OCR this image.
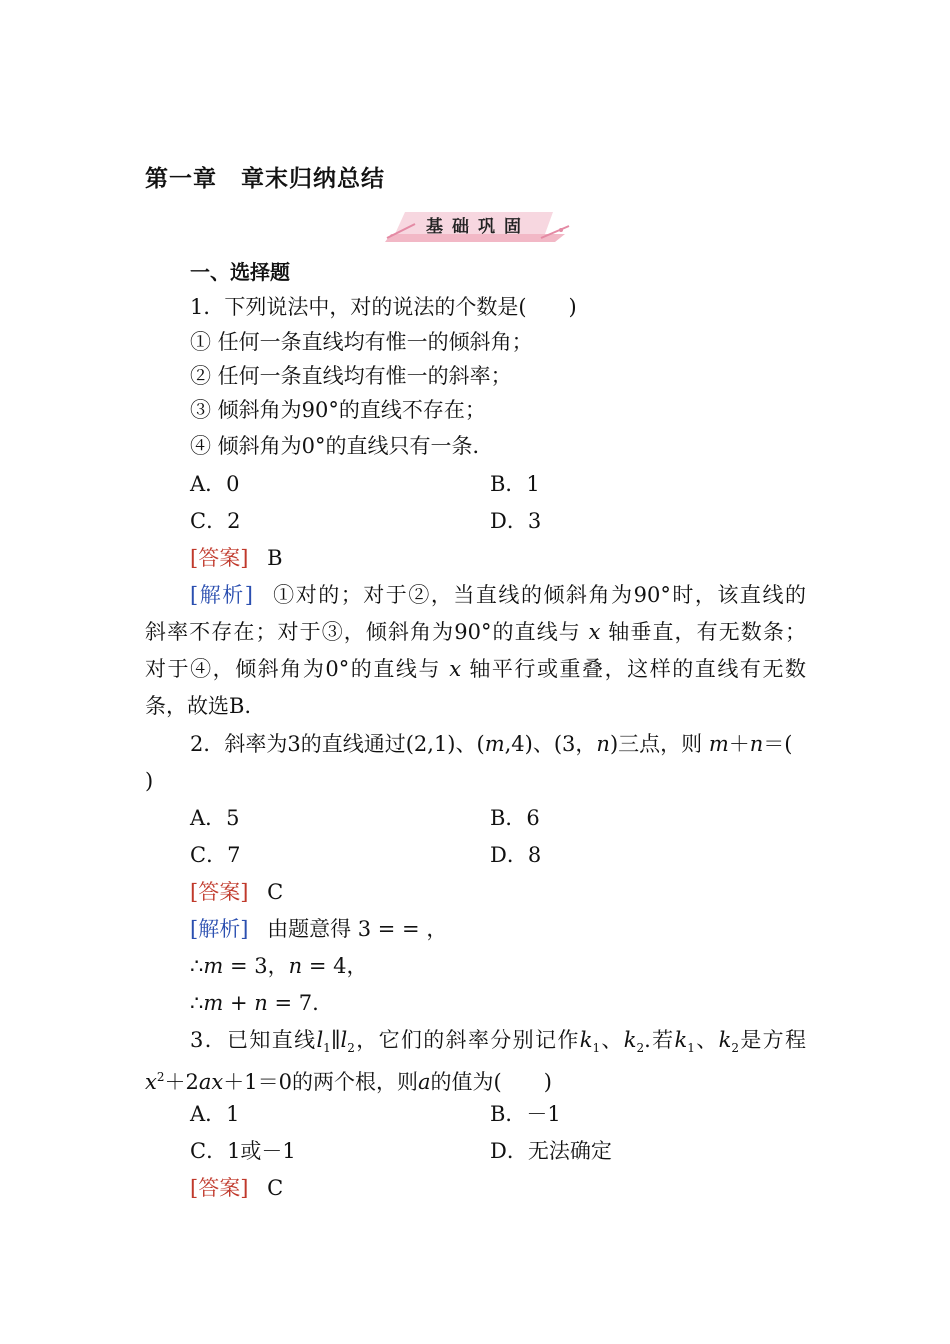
第一章　章末归纳总结
基础巩固
一、选择题
1．下列说法中，对的说法的个数是(　　)
① 任何一条直线均有惟一的倾斜角；
② 任何一条直线均有惟一的斜率；
③ 倾斜角为90°的直线不存在；
④ 倾斜角为0°的直线只有一条．
A．0	B．1
C．2	D．3
[答案] B
[解析] ①对的；对于②，当直线的倾斜角为90°时，该直线的
斜率不存在；对于③，倾斜角为90°的直线与 x 轴垂直，有无数条；
对于④，倾斜角为0°的直线与 x 轴平行或重叠，这样的直线有无数
条，故选B.
2．斜率为3的直线通过(2,1)、(m,4)、(3，n)三点，则 m＋n＝(
)
A．5	B．6
C．7	D．8
[答案] C
[解析] 由题意得 3 = = ，
∴m = 3，n = 4，
∴m + n = 7.
3．已知直线$l_1\parallel l_2$，它们的斜率分别记作$k_1$、$k_2$.若$k_1$、$k_2$是方程
$x^2+2ax+1=0$的两个根，则a的值为(　　)
A．1	B．－1
C．1或－1	D．无法确定
[答案] C
